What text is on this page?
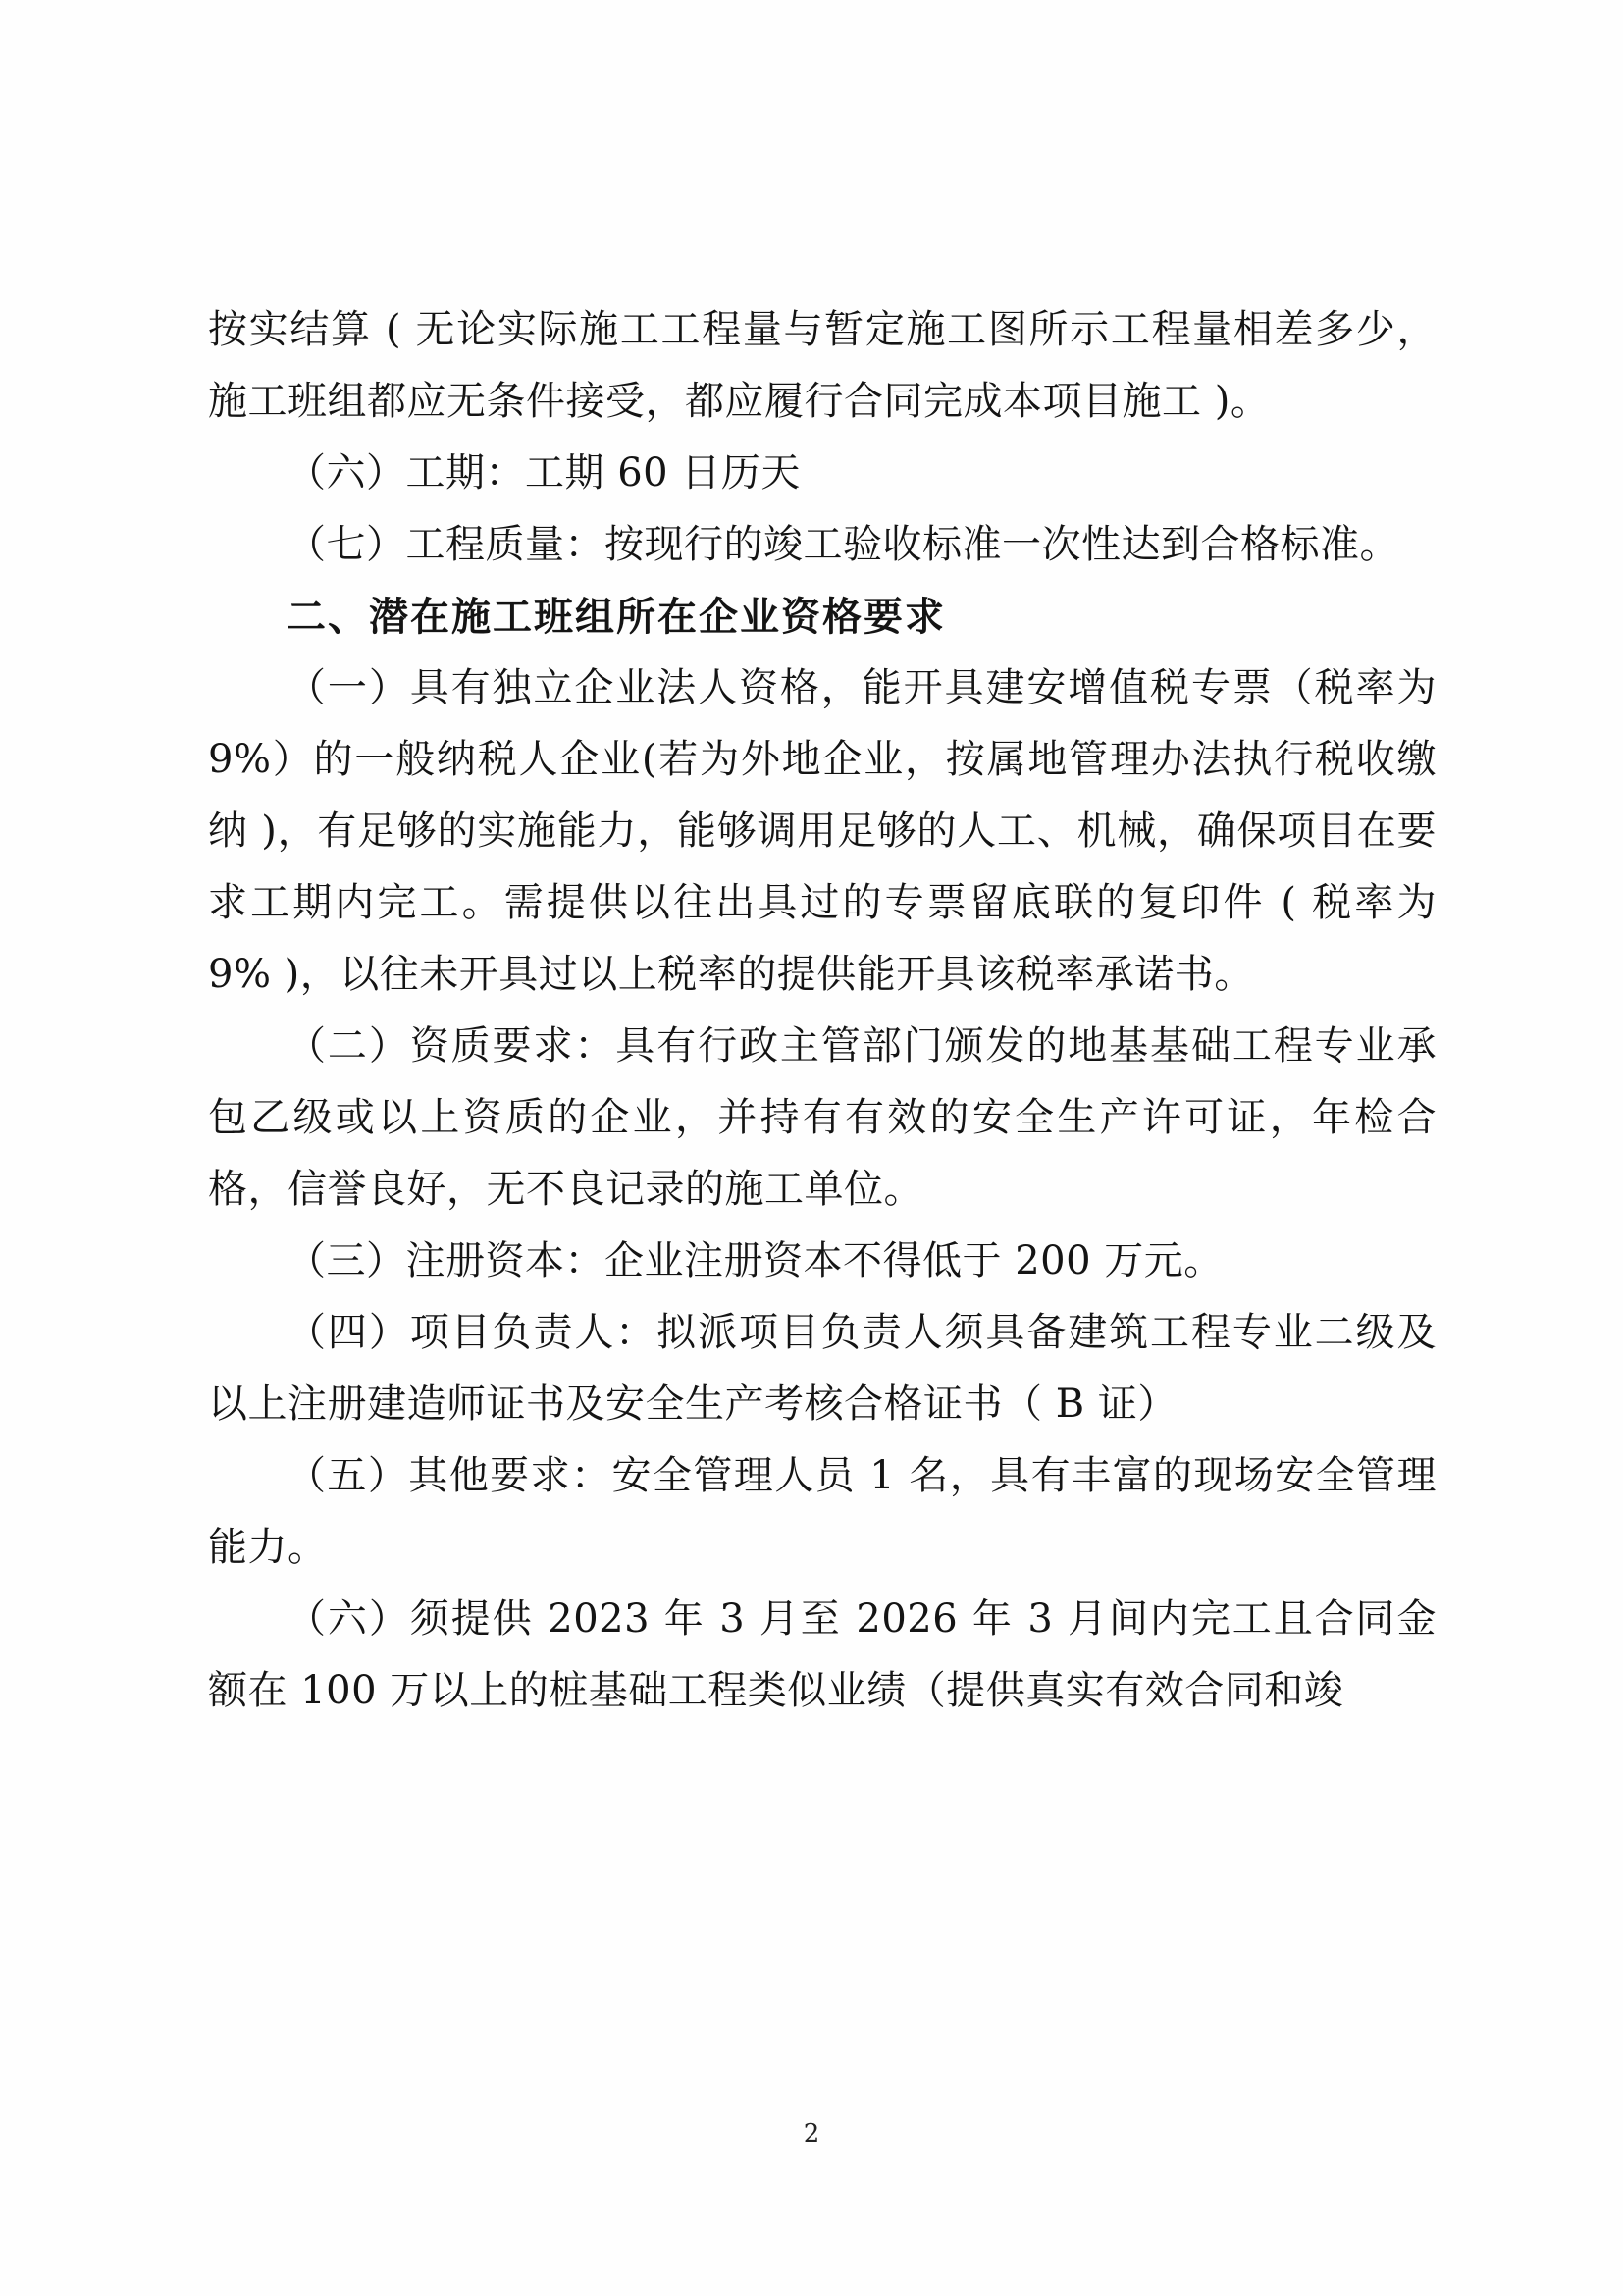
按实结算 ( 无论实际施工工程量与暂定施工图所示工程量相差多少，施工班组都应无条件接受，都应履行合同完成本项目施工 )。

（六）工期：工期 60 日历天

（七）工程质量：按现行的竣工验收标准一次性达到合格标准。

二、潜在施工班组所在企业资格要求

（一）具有独立企业法人资格，能开具建安增值税专票（税率为 9%）的一般纳税人企业(若为外地企业，按属地管理办法执行税收缴纳 )，有足够的实施能力，能够调用足够的人工、机械，确保项目在要求工期内完工。需提供以往出具过的专票留底联的复印件 ( 税率为 9% )，以往未开具过以上税率的提供能开具该税率承诺书。

（二）资质要求：具有行政主管部门颁发的地基基础工程专业承包乙级或以上资质的企业，并持有有效的安全生产许可证，年检合格，信誉良好，无不良记录的施工单位。

（三）注册资本：企业注册资本不得低于 200 万元。

（四）项目负责人：拟派项目负责人须具备建筑工程专业二级及以上注册建造师证书及安全生产考核合格证书（ B 证）

（五）其他要求：安全管理人员 1 名，具有丰富的现场安全管理能力。

（六）须提供 2023 年 3 月至 2026 年 3 月间内完工且合同金额在 100 万以上的桩基础工程类似业绩（提供真实有效合同和竣

2
